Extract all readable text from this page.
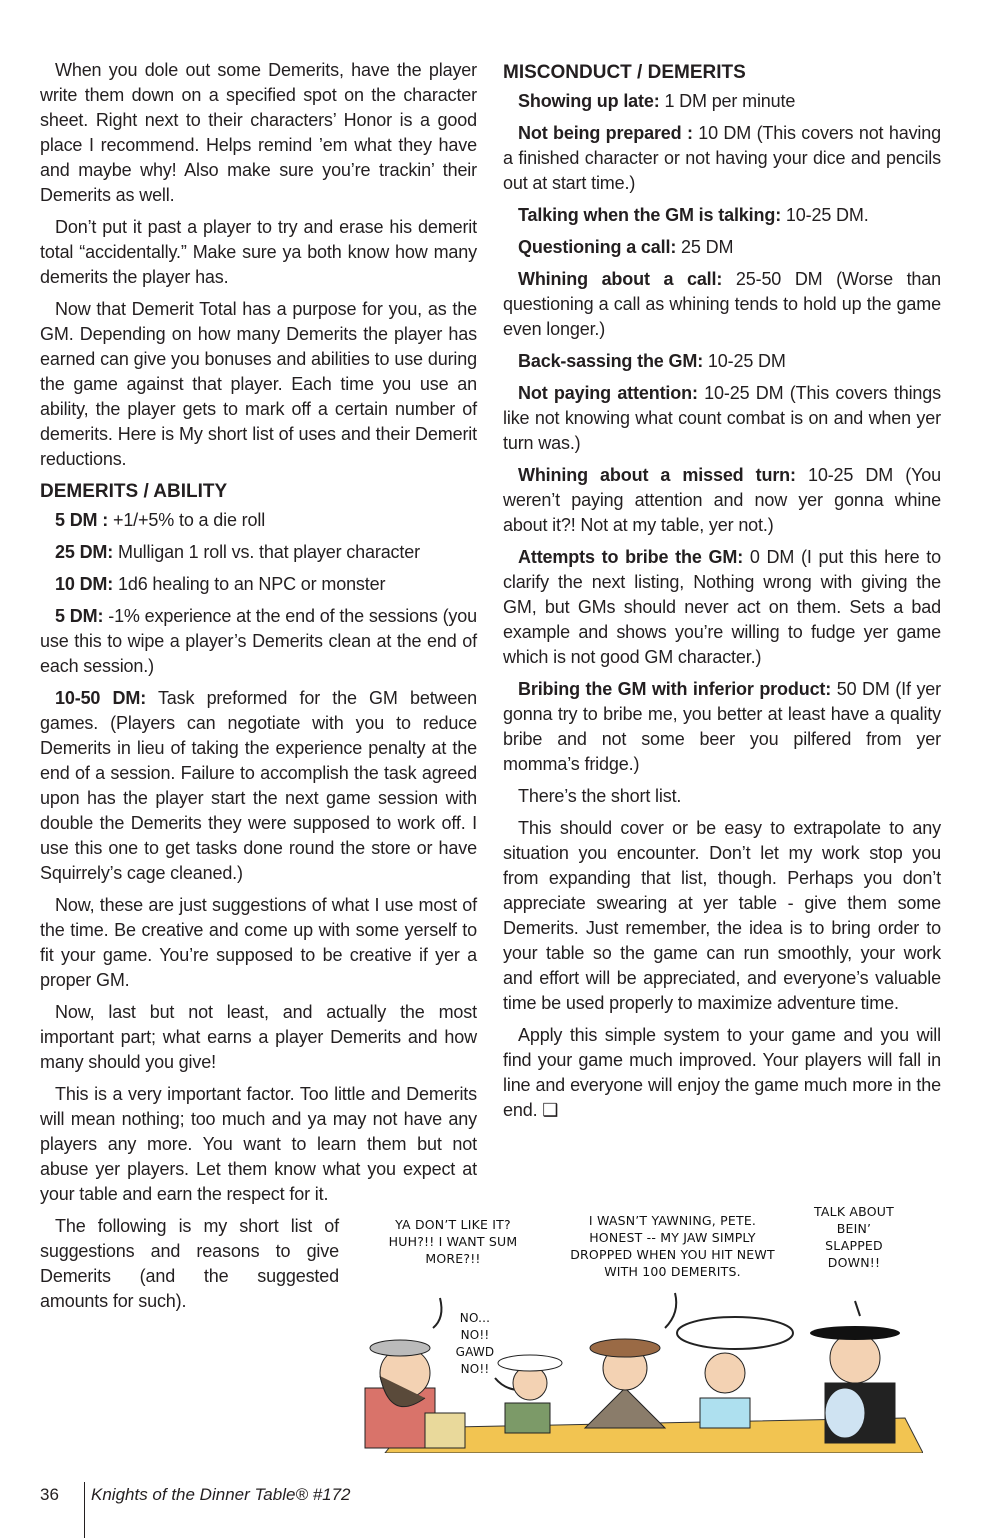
When you dole out some Demerits, have the player write them down on a specified spot on the character sheet. Right next to their characters’ Honor is a good place I recommend. Helps remind ’em what they have and maybe why! Also make sure you’re trackin’ their Demerits as well.

Don’t put it past a player to try and erase his demerit total “accidentally.” Make sure ya both know how many demerits the player has.

Now that Demerit Total has a purpose for you, as the GM. Depending on how many Demerits the player has earned can give you bonuses and abilities to use during the game against that player. Each time you use an ability, the player gets to mark off a certain number of demerits. Here is My short list of uses and their Demerit reductions.

DEMERITS / ABILITY

5 DM : +1/+5% to a die roll

25 DM: Mulligan 1 roll vs. that player character

10 DM: 1d6 healing to an NPC or monster

5 DM: -1% experience at the end of the sessions (you use this to wipe a player’s Demerits clean at the end of each session.)

10-50 DM: Task preformed for the GM between games. (Players can negotiate with you to reduce Demerits in lieu of taking the experience penalty at the end of a session. Failure to accomplish the task agreed upon has the player start the next game session with double the Demerits they were supposed to work off. I use this one to get tasks done round the store or have Squirrely’s cage cleaned.)

Now, these are just suggestions of what I use most of the time. Be creative and come up with some yerself to fit your game. You’re supposed to be creative if yer a proper GM.

Now, last but not least, and actually the most important part; what earns a player Demerits and how many should you give!

This is a very important factor. Too little and Demerits will mean nothing; too much and ya may not have any players any more. You want to learn them but not abuse yer players. Let them know what you expect at your table and earn the respect for it.

The following is my short list of suggestions and reasons to give Demerits (and the suggested amounts for such).

MISCONDUCT / DEMERITS

Showing up late: 1 DM per minute

Not being prepared : 10 DM (This covers not having a finished character or not having your dice and pencils out at start time.)

Talking when the GM is talking: 10-25 DM.

Questioning a call: 25 DM

Whining about a call: 25-50 DM (Worse than questioning a call as whining tends to hold up the game even longer.)

Back-sassing the GM: 10-25 DM

Not paying attention: 10-25 DM (This covers things like not knowing what count combat is on and when yer turn was.)

Whining about a missed turn: 10-25 DM (You weren’t paying attention and now yer gonna whine about it?! Not at my table, yer not.)

Attempts to bribe the GM: 0 DM (I put this here to clarify the next listing, Nothing wrong with giving the GM, but GMs should never act on them. Sets a bad example and shows you’re willing to fudge yer game which is not good GM character.)

Bribing the GM with inferior product: 50 DM (If yer gonna try to bribe me, you better at least have a quality bribe and not some beer you pilfered from yer momma’s fridge.)

There’s the short list.

This should cover or be easy to extrapolate to any situation you encounter. Don’t let my work stop you from expanding that list, though. Perhaps you don’t appreciate swearing at yer table - give them some Demerits. Just remember, the idea is to bring order to your table so the game can run smoothly, your work and effort will be appreciated, and everyone’s valuable time be used properly to maximize adventure time.

Apply this simple system to your game and you will find your game much improved. Your players will fall in line and everyone will enjoy the game much more in the end. ❑

YA DON’T LIKE IT? HUH?!! I WANT SUM MORE?!!
NO... NO!! GAWD NO!!
I WASN’T YAWNING, PETE. HONEST -- MY JAW SIMPLY DROPPED WHEN YOU HIT NEWT WITH 100 DEMERITS.
TALK ABOUT BEIN’ SLAPPED DOWN!!
36 Knights of the Dinner Table® #172
